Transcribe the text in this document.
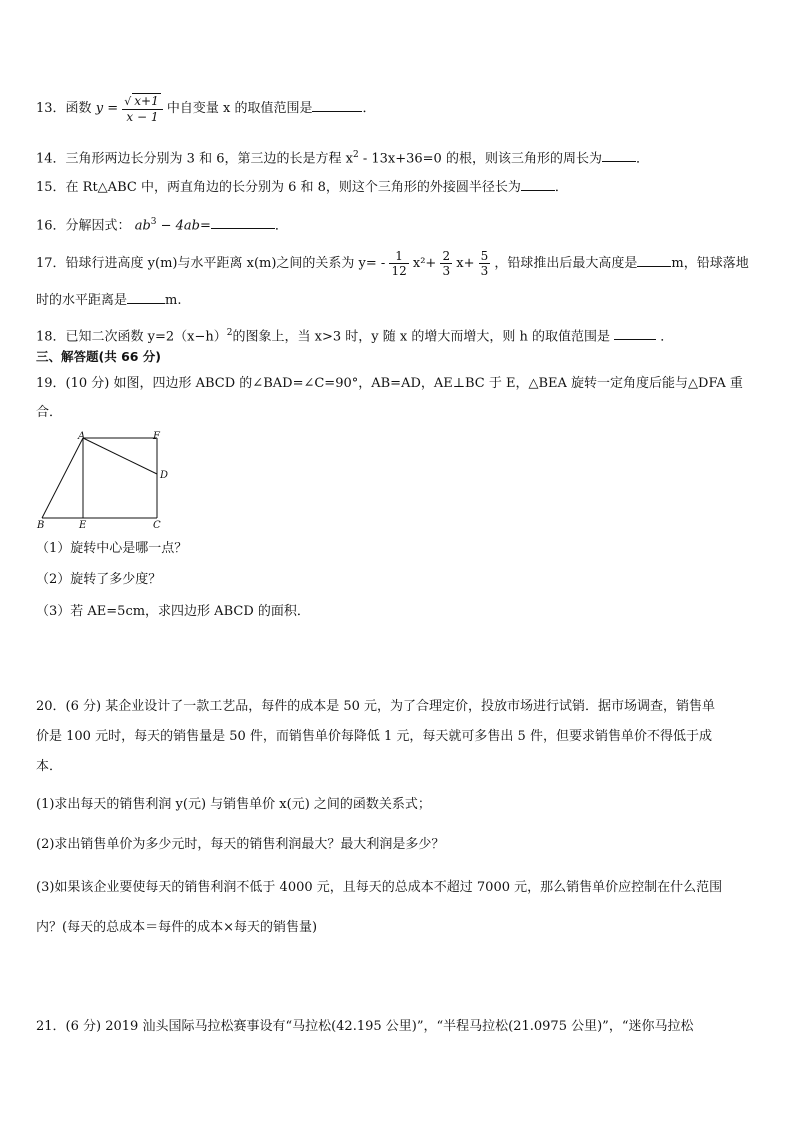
13．函数 $y = \frac{√ x+1}{x - 1}$ 中自变量 x 的取值范围是	．
14．三角形两边长分别为 3 和 6，第三边的长是方程 $x^2 - 13x+36=0$ 的根，则该三角形的周长为	．
15．在 Rt△ABC 中，两直角边的长分别为 6 和 8，则这个三角形的外接圆半径长为	．
16．分解因式： $ab^3 - 4ab=$	．
17．铅球行进高度 y(m)与水平距离 x(m)之间的关系为 $y= - \frac{1}{12} x^2+ \frac{2}{3} x+ \frac{5}{3}$ ，铅球推出后最大高度是	m，铅球落地
时的水平距离是	m.
18．已知二次函数 $y=2(x-h)^2$的图象上，当 x>3 时，y 随 x 的增大而增大，则 h 的取值范围是	．
三、解答题(共 66 分)
19．(10 分) 如图，四边形 ABCD 的∠BAD=∠C=90°，AB=AD，AE⊥BC 于 E，△BEA 旋转一定角度后能与△DFA 重
合．
A	F
D
B	E	C
（1）旋转中心是哪一点？
（2）旋转了多少度？
（3）若 AE=5cm，求四边形 ABCD 的面积．
20．(6 分) 某企业设计了一款工艺品，每件的成本是 50 元，为了合理定价，投放市场进行试销．据市场调查，销售单
价是 100 元时，每天的销售量是 50 件，而销售单价每降低 1 元，每天就可多售出 5 件，但要求销售单价不得低于成
本．
(1)求出每天的销售利润 y(元) 与销售单价 x(元) 之间的函数关系式；
(2)求出销售单价为多少元时，每天的销售利润最大？最大利润是多少？
(3)如果该企业要使每天的销售利润不低于 4000 元，且每天的总成本不超过 7000 元，那么销售单价应控制在什么范围
内？(每天的总成本＝每件的成本×每天的销售量)
21．(6 分) 2019 汕头国际马拉松赛事设有“马拉松(42.195 公里)”，“半程马拉松(21.0975 公里)”，“迷你马拉松
